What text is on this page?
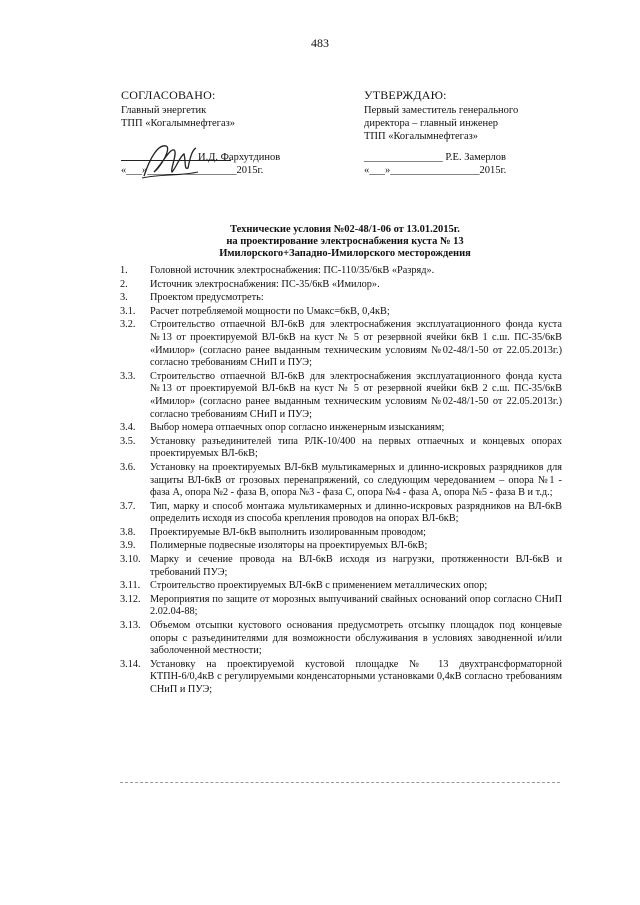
483
СОГЛАСОВАНО:
Главный энергетик
ТПП «Когалымнефтегаз»
И.Д. Фархутдинов
«___»_________________2015г.
УТВЕРЖДАЮ:
Первый заместитель генерального
директора – главный инженер
ТПП «Когалымнефтегаз»
_______________ Р.Е. Замерлов
«___»_________________2015г.
Технические условия №02-48/1-06 от 13.01.2015г.
на проектирование электроснабжения куста № 13
Имилорского+Западно-Имилорского месторождения
1.	Головной источник электроснабжения: ПС-110/35/6кВ «Разряд».
2.	Источник электроснабжения: ПС-35/6кВ «Имилор».
3.	Проектом предусмотреть:
3.1.	Расчет потребляемой мощности по Uмакс=6кВ, 0,4кВ;
3.2.	Строительство отпаечной ВЛ-6кВ для электроснабжения эксплуатационного фонда куста №13 от проектируемой ВЛ-6кВ на куст № 5 от резервной ячейки 6кВ 1 с.ш. ПС-35/6кВ «Имилор» (согласно ранее выданным техническим условиям №02-48/1-50 от 22.05.2013г.) согласно требованиям СНиП и ПУЭ;
3.3.	Строительство отпаечной ВЛ-6кВ для электроснабжения эксплуатационного фонда куста №13 от проектируемой ВЛ-6кВ на куст № 5 от резервной ячейки 6кВ 2 с.ш. ПС-35/6кВ «Имилор» (согласно ранее выданным техническим условиям №02-48/1-50 от 22.05.2013г.) согласно требованиям СНиП и ПУЭ;
3.4.	Выбор номера отпаечных опор согласно инженерным изысканиям;
3.5.	Установку разъединителей типа РЛК-10/400 на первых отпаечных и концевых опорах проектируемых ВЛ-6кВ;
3.6.	Установку на проектируемых ВЛ-6кВ мультикамерных и длинно-искровых разрядников для защиты ВЛ-6кВ от грозовых перенапряжений, со следующим чередованием – опора №1 - фаза А, опора №2 - фаза В, опора №3 - фаза С, опора №4 - фаза А, опора №5 - фаза В и т.д.;
3.7.	Тип, марку и способ монтажа мультикамерных и длинно-искровых разрядников на ВЛ-6кВ определить исходя из способа крепления проводов на опорах ВЛ-6кВ;
3.8.	Проектируемые ВЛ-6кВ выполнить изолированным проводом;
3.9.	Полимерные подвесные изоляторы на проектируемых ВЛ-6кВ;
3.10. Марку и сечение провода на ВЛ-6кВ исходя из нагрузки, протяженности ВЛ-6кВ и требований ПУЭ;
3.11. Строительство проектируемых ВЛ-6кВ с применением металлических опор;
3.12. Мероприятия по защите от морозных выпучиваний свайных оснований опор согласно СНиП 2.02.04-88;
3.13. Объемом отсыпки кустового основания предусмотреть отсыпку площадок под концевые опоры с разъединителями для возможности обслуживания в условиях заводненной и/или заболоченной местности;
3.14. Установку на проектируемой кустовой площадке № 13 двухтрансформаторной КТПН-6/0,4кВ с регулируемыми конденсаторными установками 0,4кВ согласно требованиям СНиП и ПУЭ;
